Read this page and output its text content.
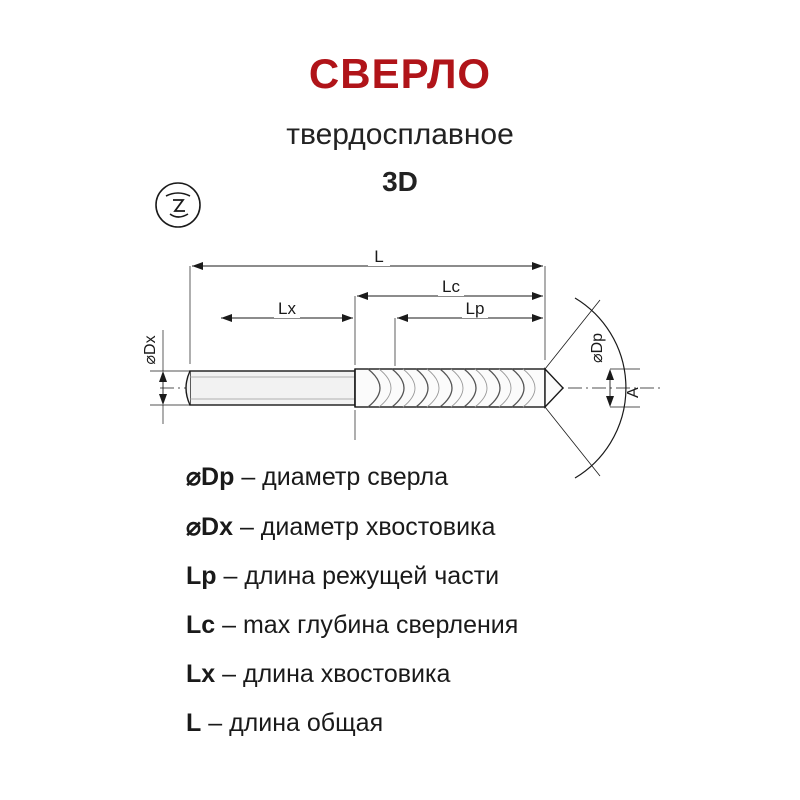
СВЕРЛО
твердосплавное
3D
A
L
Lc
Lp
Lx
⌀Dx	⌀Dp
⌀Dp – диаметр сверла
⌀Dx – диаметр хвостовика
Lp – длина режущей части
Lc – max глубина сверления
Lx – длина хвостовика
L – длина общая
